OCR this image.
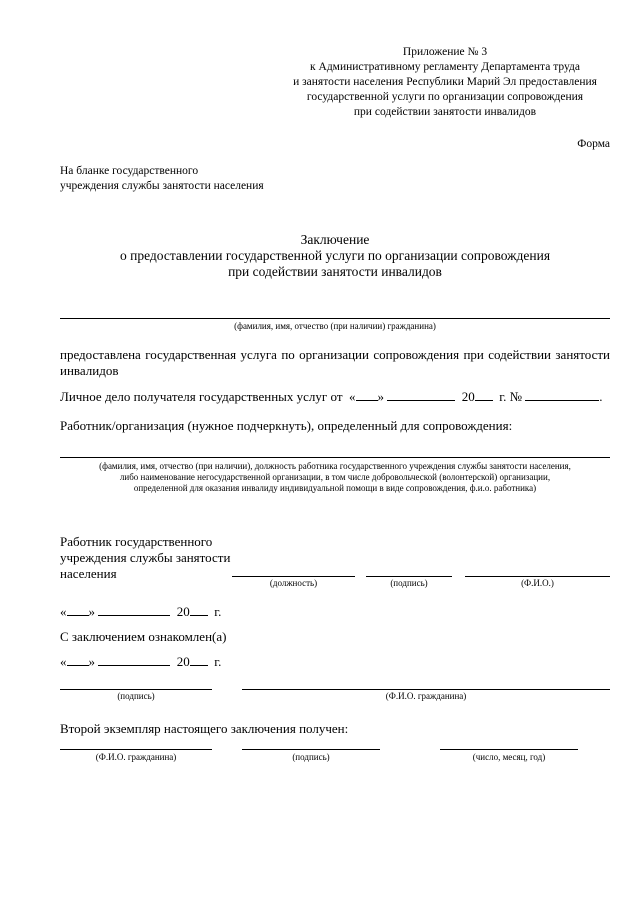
Приложение № 3
к Административному регламенту Департамента труда
и занятости населения Республики Марий Эл предоставления
государственной услуги по организации сопровождения
при содействии занятости инвалидов
Форма
На бланке государственного
учреждения службы занятости населения
Заключение
о предоставлении государственной услуги по организации сопровождения
при содействии занятости инвалидов
(фамилия, имя, отчество (при наличии) гражданина)
предоставлена государственная услуга по организации сопровождения при содействии занятости инвалидов
Личное дело получателя государственных услуг от « »	20 г. №	.
Работник/организация (нужное подчеркнуть), определенный для сопровождения:
(фамилия, имя, отчество (при наличии), должность работника государственного учреждения службы занятости населения,
либо наименование негосударственной организации, в том числе добровольческой (волонтерской) организации,
определенной для оказания инвалиду индивидуальной помощи в виде сопровождения, ф.и.о. работника)
Работник государственного
учреждения службы занятости
населения
(должность)	(подпись)	(Ф.И.О.)
« »	20 г.
С заключением ознакомлен(а)
« »	20 г.
(подпись)	(Ф.И.О. гражданина)
Второй экземпляр настоящего заключения получен:
(Ф.И.О. гражданина)	(подпись)	(число, месяц, год)
